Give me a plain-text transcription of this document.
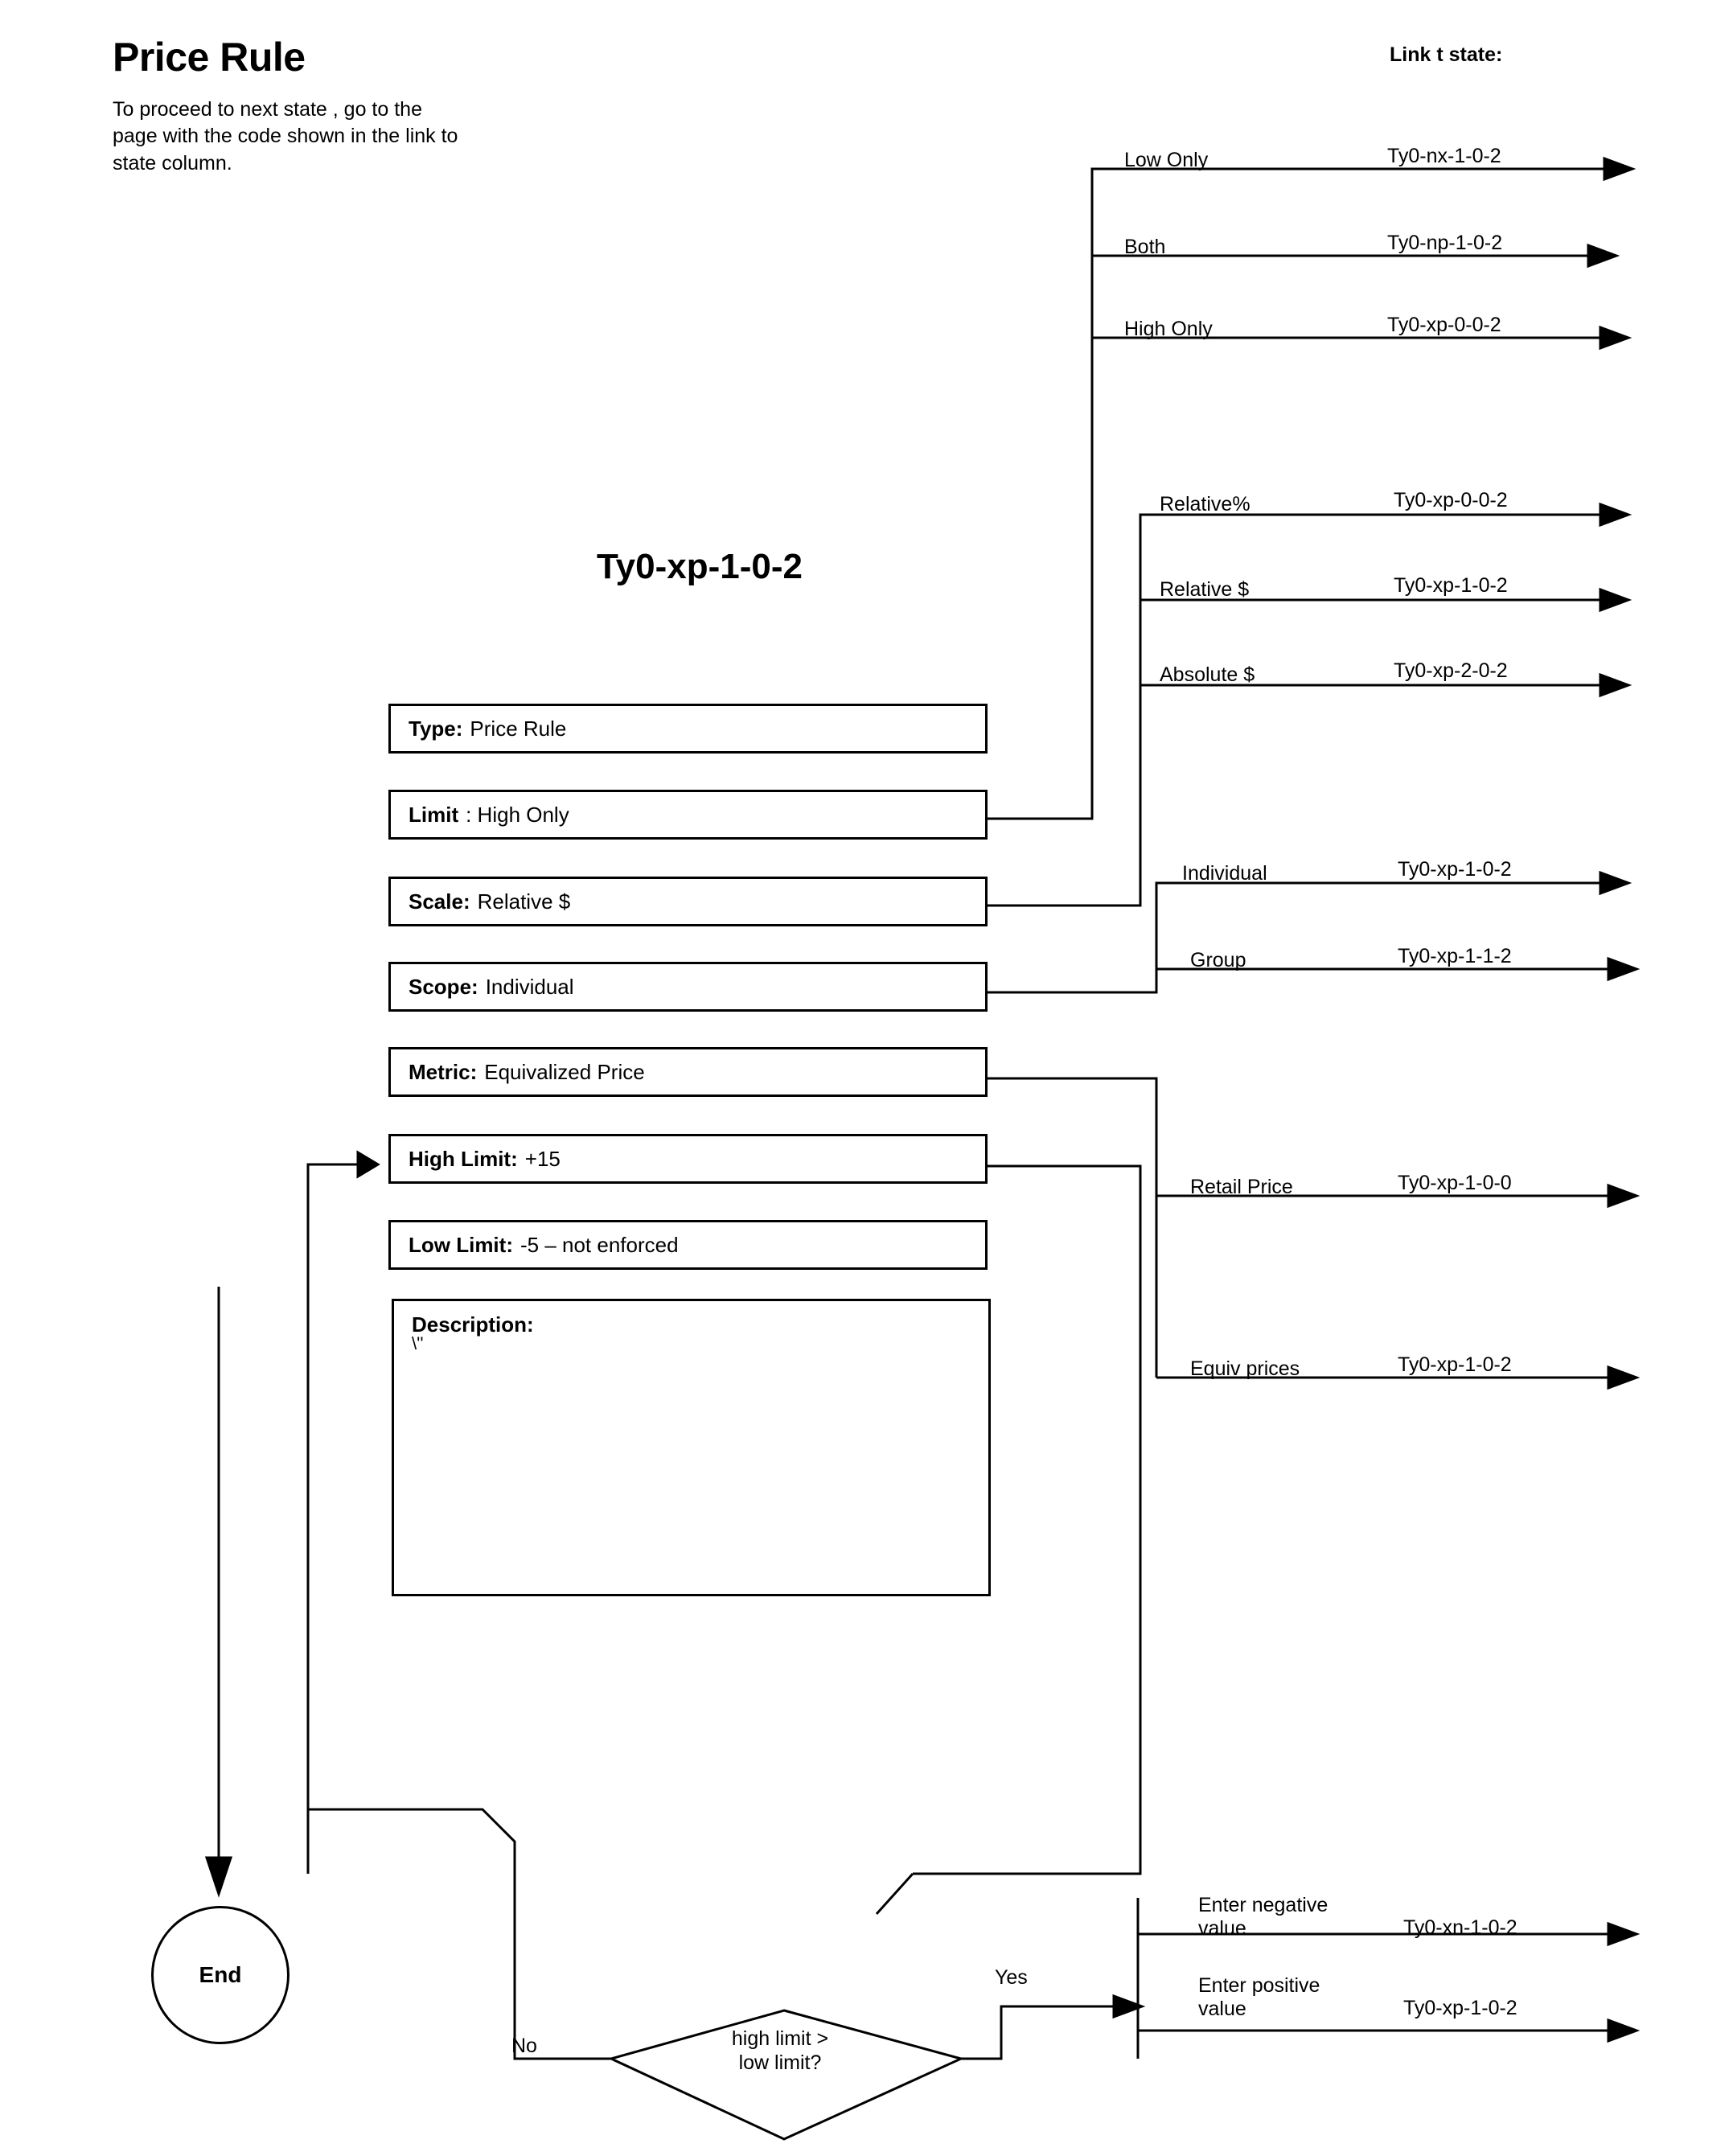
Price Rule
To proceed to next state , go to the page with the code shown in the link to state column.
Link t state:
Ty0-xp-1-0-2
Type: Price Rule
Limit : High Only
Scale: Relative $
Scope: Individual
Metric: Equivalized Price
High Limit: +15
Low Limit: -5 – not enforced
Description:
\''
Low Only	Ty0-nx-1-0-2
Both	Ty0-np-1-0-2
High Only	Ty0-xp-0-0-2
Relative%	Ty0-xp-0-0-2
Relative $	Ty0-xp-1-0-2
Absolute $	Ty0-xp-2-0-2
Individual	Ty0-xp-1-0-2
Group	Ty0-xp-1-1-2
Retail Price	Ty0-xp-1-0-0
Equiv prices	Ty0-xp-1-0-2
Enter negative
value	Ty0-xn-1-0-2
Enter positive
value	Ty0-xp-1-0-2
high limit >
low limit?
Yes
No
End
